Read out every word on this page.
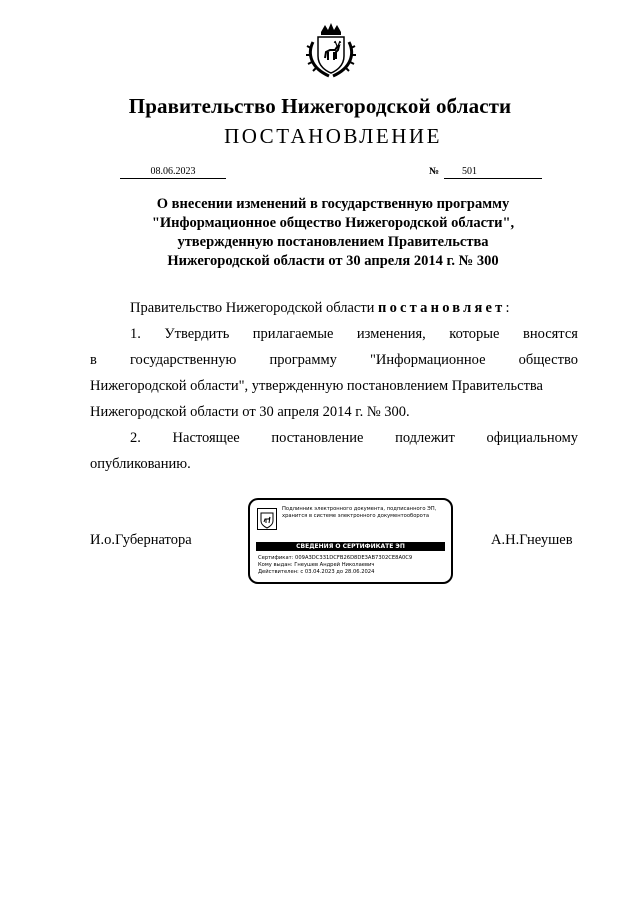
Правительство Нижегородской области
ПОСТАНОВЛЕНИЕ
08.06.2023	№	501
О внесении изменений в государственную программу
"Информационное общество Нижегородской области",
утвержденную постановлением Правительства
Нижегородской области от 30 апреля 2014 г. № 300
Правительство Нижегородской области
постановляет :
1. Утвердить прилагаемые изменения, которые вносятся
в государственную программу "Информационное общество
Нижегородской области", утвержденную постановлением Правительства
Нижегородской области от 30 апреля 2014 г. № 300.
2. Настоящее постановление подлежит официальному
опубликованию.
И.о.Губернатора	А.Н.Гнеушев
Подлинник электронного документа, подписанного ЭП, хранится в системе электронного документооборота
СВЕДЕНИЯ О СЕРТИФИКАТЕ ЭП
Сертификат: 009A3DC331DCFB26D8DE3AB7302CE8A0C9
Кому выдан: Гнеушев Андрей Николаевич
Действителен: с 03.04.2023 до 28.06.2024
